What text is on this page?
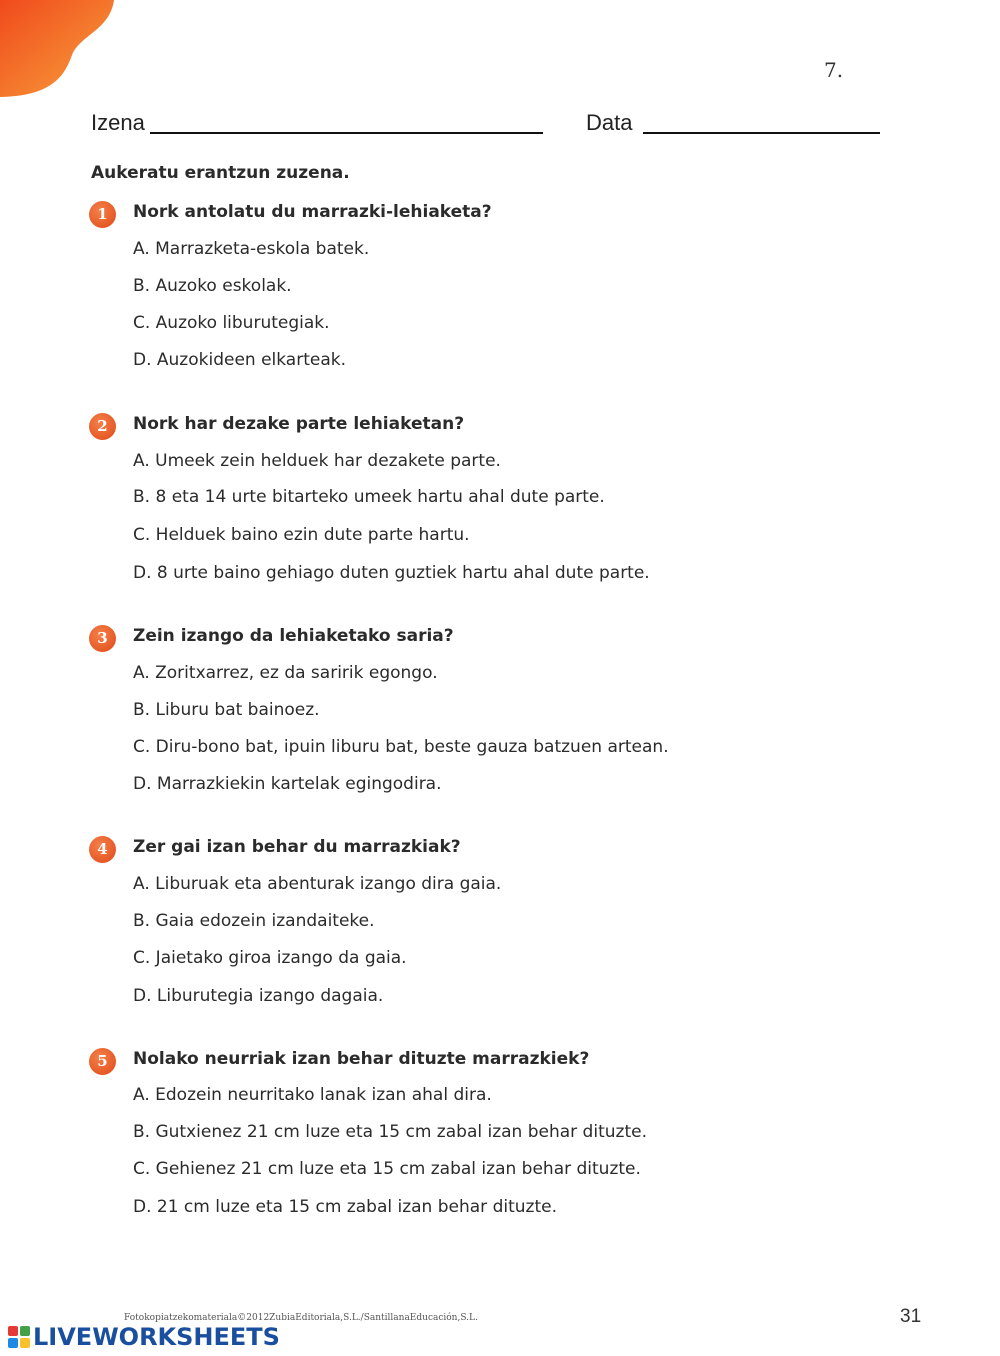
7.
Izena	Data
Aukeratu erantzun zuzena.
1	Nork antolatu du marrazki-lehiaketa?
A. Marrazketa-eskola batek.
B. Auzoko eskolak.
C. Auzoko liburutegiak.
D. Auzokideen elkarteak.
2	Nork har dezake parte lehiaketan?
A. Umeek zein helduek har dezakete parte.
B. 8 eta 14 urte bitarteko umeek hartu ahal dute parte.
C. Helduek baino ezin dute parte hartu.
D. 8 urte baino gehiago duten guztiek hartu ahal dute parte.
3	Zein izango da lehiaketako saria?
A. Zoritxarrez, ez da saririk egongo.
B. Liburu bat bainoez.
C. Diru-bono bat, ipuin liburu bat, beste gauza batzuen artean.
D. Marrazkiekin kartelak egingodira.
4	Zer gai izan behar du marrazkiak?
A. Liburuak eta abenturak izango dira gaia.
B. Gaia edozein izandaiteke.
C. Jaietako giroa izango da gaia.
D. Liburutegia izango dagaia.
5	Nolako neurriak izan behar dituzte marrazkiek?
A. Edozein neurritako lanak izan ahal dira.
B. Gutxienez 21 cm luze eta 15 cm zabal izan behar dituzte.
C. Gehienez 21 cm luze eta 15 cm zabal izan behar dituzte.
D. 21 cm luze eta 15 cm zabal izan behar dituzte.
Fotokopiatzekomateriala©2012ZubiaEditoriala,S.L./SantillanaEducación,S.L.	31
LIVEWORKSHEETS
